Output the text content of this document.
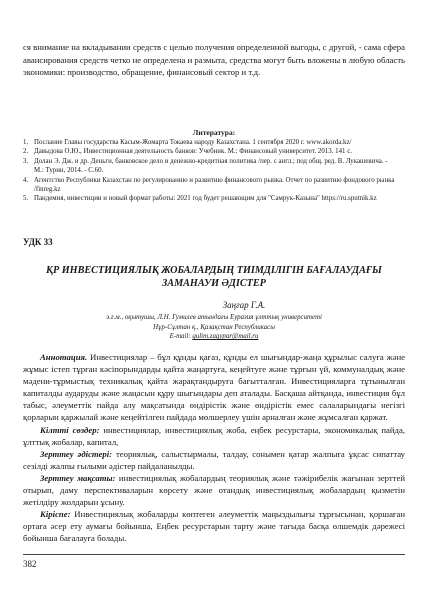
ся внимание на вкладывании средств с целью получения определенной выгоды, с другой, - сама сфера авансирования средств четко не определена и размыта, средства могут быть вложены в любую область экономики: производство, обращение, финансовый сектор и т.д.

Литература:
1. Послание Главы государства Касым-Жомарта Токаева народу Казахстана. 1 сентября 2020 г. www.akorda.kz/
2. Давыдова О.Ю., Инвестиционная деятельность банков: Учебник. М.: Финансовый университет. 2013. 141 с.
3. Долан Э. Дж. и др. Деньги, банковское дело и денежно-кредитная политика /пер. с англ.; под общ. ред. В. Лукашевича. - М.: Турин, 2014. - С.60.
4. Агентство Республики Казахстан по регулированию и развитию финансового рынка. Отчет по развитию фондового рынка /finreg.kz
5. Пандемия, инвестиции и новый формат работы: 2021 год будет решающим для "Самрук-Казына" https://ru.sputnik.kz
УДК 33
ҚР ИНВЕСТИЦИЯЛЫҚ ЖОБАЛАРДЫҢ ТИІМДІЛІГІН БАҒАЛАУДАҒЫ ЗАМАНАУИ ӘДІСТЕР
Заңғар Г.А.
э.ғ.м., оқытушы, Л.Н. Гумилев атындағы Еуразия ұлттық университеті
Нұр-Сұлтан қ., Қазақстан Республикасы
E-mail: gulim.zagypar@mail.ru

Аннотация. Инвестициялар – бұл құнды қағаз, құнды ел шығындар-жаңа құрылыс салуға және жұмыс істеп тұрған кәсіпорындарды қайта жаңартуға, кеңейтуге және тұрғын үй, коммуналдық және мәдени-тұрмыстық техникалық қайта жарақтандыруға бағытталған. Инвестицияларға тұтынылған капиталды аударуды және жаңасын құру шығындары деп аталады. Басқаша айтқанда, инвестиция бұл табыс, әлеуметтік пайда алу мақсатында өндірістік және өндірістік емес салаларындағы негізгі қорларын қаржылай және кеңейтілген пайдада мөлшерлеу үшін арналған және жұмсалған қаржат.

Кілтті сөздер: инвестициялар, инвестициялық жоба, еңбек ресурстары, экономикалық пайда, ұлттық жобалар, капитал,

Зерттеу әдістері: теориялық, салыстырмалы, талдау, сонымен қатар жалпыға ұқсас сипаттау сезілді жалпы ғылыми әдістер пайдаланылды.

Зерттеу мақсаты: инвестициялық жобалардың теориялық және тәжірибелік жағынан зерттей отырып, даму перспективаларын көрсету және отандық инвестициялық жобалардың қызметін жетілдіру жолдарын ұсыну.

Кіріспе: Инвестициялық жобаларды көптеген әлеуметтік маңыздылығы тұрғысынан, қоршаған ортаға әсер ету аумағы бойынша, Еңбек ресурстарын тарту және тағыда басқа өлшемдік дәрежесі бойынша бағалауға болады.

382
